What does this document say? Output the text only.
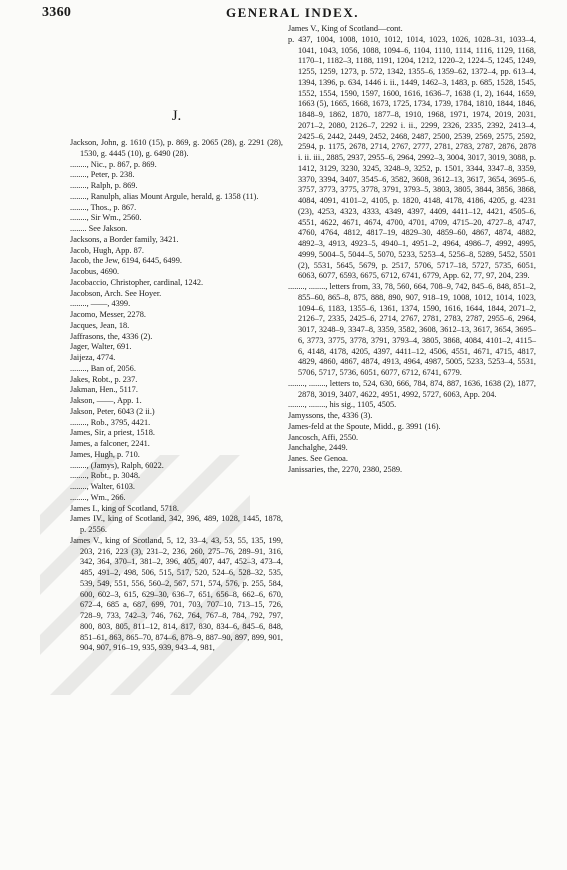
3360	GENERAL INDEX.
J.
Jackson, John, g. 1610 (15), p. 869, g. 2065 (28), g. 2291 (28), 1530, g. 4445 (10), g. 6490 (28).
........, Nic., p. 867, p. 869.
........, Peter, p. 238.
........, Ralph, p. 869.
........, Ranulph, alias Mount Argule, herald, g. 1358 (11).
........, Thos., p. 867.
........, Sir Wm., 2560.
........ See Jakson.
Jacksons, a Border family, 3421.
Jacob, Hugh, App. 87.
Jacob, the Jew, 6194, 6445, 6499.
Jacobus, 4690.
Jacobaccio, Christopher, cardinal, 1242.
Jacobson, Arch. See Hoyer.
........, ——, 4399.
Jacomo, Messer, 2278.
Jacques, Jean, 18.
Jaffrasons, the, 4336 (2).
Jager, Walter, 691.
Jaijeza, 4774.
........, Ban of, 2056.
Jakes, Robt., p. 237.
Jakman, Hen., 5117.
Jakson, ——, App. 1.
Jakson, Peter, 6043 (2 ii.)
........, Rob., 3795, 4421.
James, Sir, a priest, 1518.
James, a falconer, 2241.
James, Hugh, p. 710.
........, (Jamys), Ralph, 6022.
........, Robt., p. 3048.
........, Walter, 6103.
........, Wm., 266.
James I., king of Scotland, 5718.
James IV., king of Scotland, 342, 396, 489, 1028, 1445, 1878, p. 2556.
James V., king of Scotland, 5, 12, 33–4, 43, 53, 55, 135, 199, 203, 216, 223 (3), 231–2, 236, 260, 275–76, 289–91, 316, 342, 364, 370–1, 381–2, 396, 405, 407, 447, 452–3, 473–4, 485, 491–2, 498, 506, 515, 517, 520, 524–6, 528–32, 535, 539, 549, 551, 556, 560–2, 567, 571, 574, 576, p. 255, 584, 600, 602–3, 615, 629–30, 636–7, 651, 656–8, 662–6, 670, 672–4, 685 a, 687, 699, 701, 703, 707–10, 713–15, 726, 728–9, 733, 742–3, 746, 762, 764, 767–8, 784, 792, 797, 800, 803, 805, 811–12, 814, 817, 830, 834–6, 845–6, 848, 851–61, 863, 865–70, 874–6, 878–9, 887–90, 897, 899, 901, 904, 907, 916–19, 935, 939, 943–4, 981,
James V., King of Scotland—cont.
p. 437, 1004, 1008, 1010, 1012, 1014, 1023, 1026, 1028–31, 1033–4, 1041, 1043, 1056, 1088, 1094–6, 1104, 1110, 1114, 1116, 1129, 1168, 1170–1, 1182–3, 1188, 1191, 1204, 1212, 1220–2, 1224–5, 1245, 1249, 1255, 1259, 1273, p. 572, 1342, 1355–6, 1359–62, 1372–4, pp. 613–4, 1394, 1396, p. 634, 1446 i. ii., 1449, 1462–3, 1483, p. 685, 1528, 1545, 1552, 1554, 1590, 1597, 1600, 1616, 1636–7, 1638 (1, 2), 1644, 1659, 1663 (5), 1665, 1668, 1673, 1725, 1734, 1739, 1784, 1810, 1844, 1846, 1848–9, 1862, 1870, 1877–8, 1910, 1968, 1971, 1974, 2019, 2031, 2071–2, 2080, 2126–7, 2292 i. ii., 2299, 2326, 2335, 2392, 2413–4, 2425–6, 2442, 2449, 2452, 2468, 2487, 2500, 2539, 2569, 2575, 2592, 2594, p. 1175, 2678, 2714, 2767, 2777, 2781, 2783, 2787, 2876, 2878 i. ii. iii., 2885, 2937, 2955–6, 2964, 2992–3, 3004, 3017, 3019, 3088, p. 1412, 3129, 3230, 3245, 3248–9, 3252, p. 1501, 3344, 3347–8, 3359, 3370, 3394, 3407, 3545–6, 3582, 3608, 3612–13, 3617, 3654, 3695–6, 3757, 3773, 3775, 3778, 3791, 3793–5, 3803, 3805, 3844, 3856, 3868, 4084, 4091, 4101–2, 4105, p. 1820, 4148, 4178, 4186, 4205, g. 4231 (23), 4253, 4323, 4333, 4349, 4397, 4409, 4411–12, 4421, 4505–6, 4551, 4622, 4671, 4674, 4700, 4701, 4709, 4715–20, 4727–8, 4747, 4760, 4764, 4812, 4817–19, 4829–30, 4859–60, 4867, 4874, 4882, 4892–3, 4913, 4923–5, 4940–1, 4951–2, 4964, 4986–7, 4992, 4995, 4999, 5004–5, 5044–5, 5070, 5233, 5253–4, 5256–8, 5289, 5452, 5501 (2), 5531, 5645, 5679, p. 2517, 5706, 5717–18, 5727, 5735, 6051, 6063, 6077, 6593, 6675, 6712, 6741, 6779, App. 62, 77, 97, 204, 239.
........, ........, letters from, 33, 78, 560, 664, 708–9, 742, 845–6, 848, 851–2, 855–60, 865–8, 875, 888, 890, 907, 918–19, 1008, 1012, 1014, 1023, 1094–6, 1183, 1355–6, 1361, 1374, 1590, 1616, 1644, 1844, 2071–2, 2126–7, 2335, 2425–6, 2714, 2767, 2781, 2783, 2787, 2955–6, 2964, 3017, 3248–9, 3347–8, 3359, 3582, 3608, 3612–13, 3617, 3654, 3695–6, 3773, 3775, 3778, 3791, 3793–4, 3805, 3868, 4084, 4101–2, 4115–6, 4148, 4178, 4205, 4397, 4411–12, 4506, 4551, 4671, 4715, 4817, 4829, 4860, 4867, 4874, 4913, 4964, 4987, 5005, 5233, 5253–4, 5531, 5706, 5717, 5736, 6051, 6077, 6712, 6741, 6779.
........, ........, letters to, 524, 630, 666, 784, 874, 887, 1636, 1638 (2), 1877, 2878, 3019, 3407, 4622, 4951, 4992, 5727, 6063, App. 204.
........, ........, his sig., 1105, 4505.
Jamyssons, the, 4336 (3).
James-feld at the Spoute, Midd., g. 3991 (16).
Jancosch, Affi, 2550.
Janchalghe, 2449.
Janes. See Genoa.
Janissaries, the, 2270, 2380, 2589.
